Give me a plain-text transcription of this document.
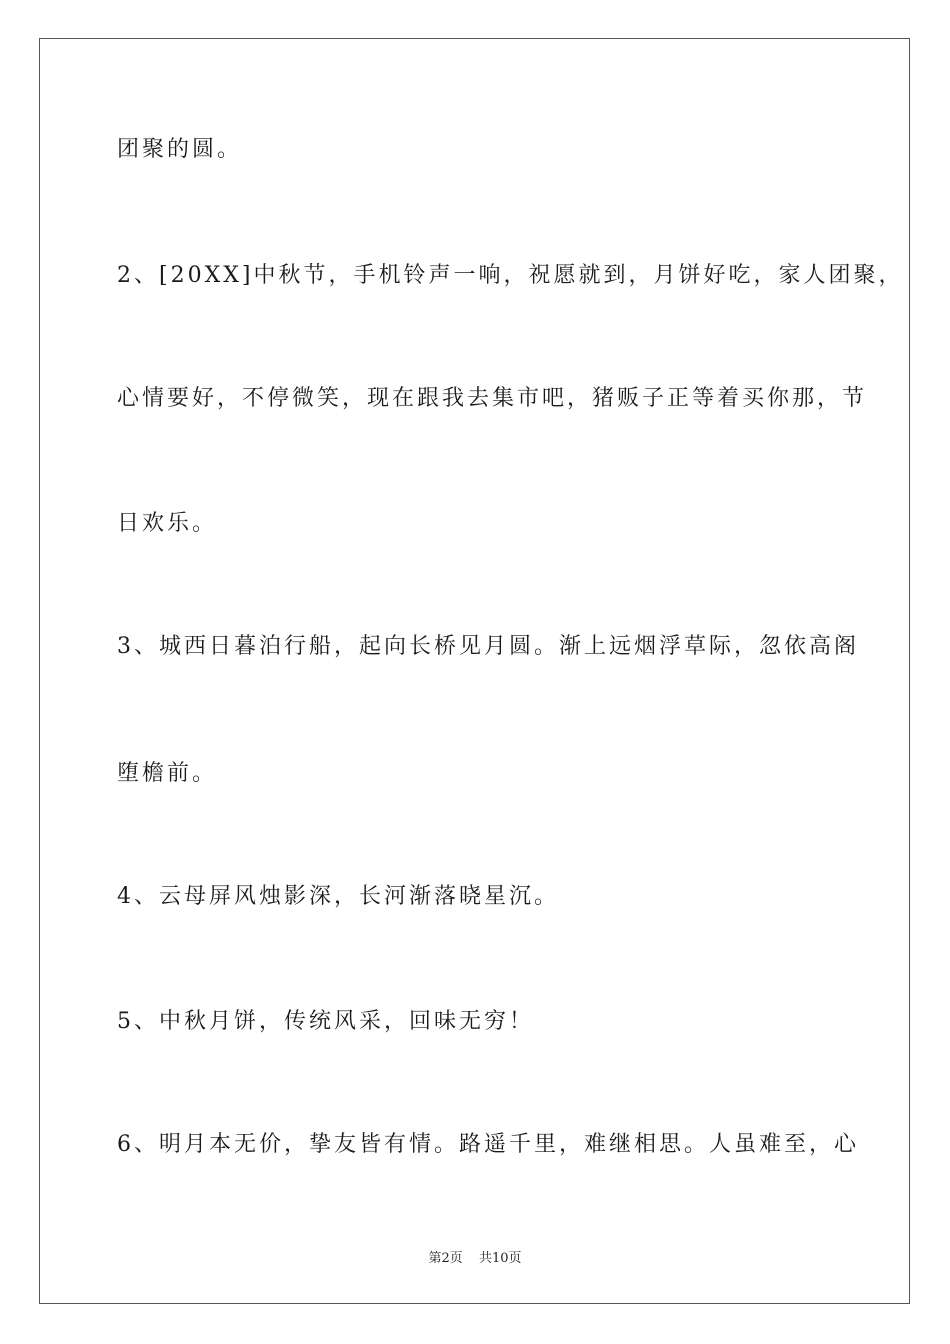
团聚的圆。
2、[20XX]中秋节，手机铃声一响，祝愿就到，月饼好吃，家人团聚，
心情要好，不停微笑，现在跟我去集市吧，猪贩子正等着买你那，节
日欢乐。
3、城西日暮泊行船，起向长桥见月圆。渐上远烟浮草际，忽依高阁
堕檐前。
4、云母屏风烛影深，长河渐落晓星沉。
5、中秋月饼，传统风采，回味无穷！
6、明月本无价，挚友皆有情。路遥千里，难继相思。人虽难至，心
第2页 共10页
